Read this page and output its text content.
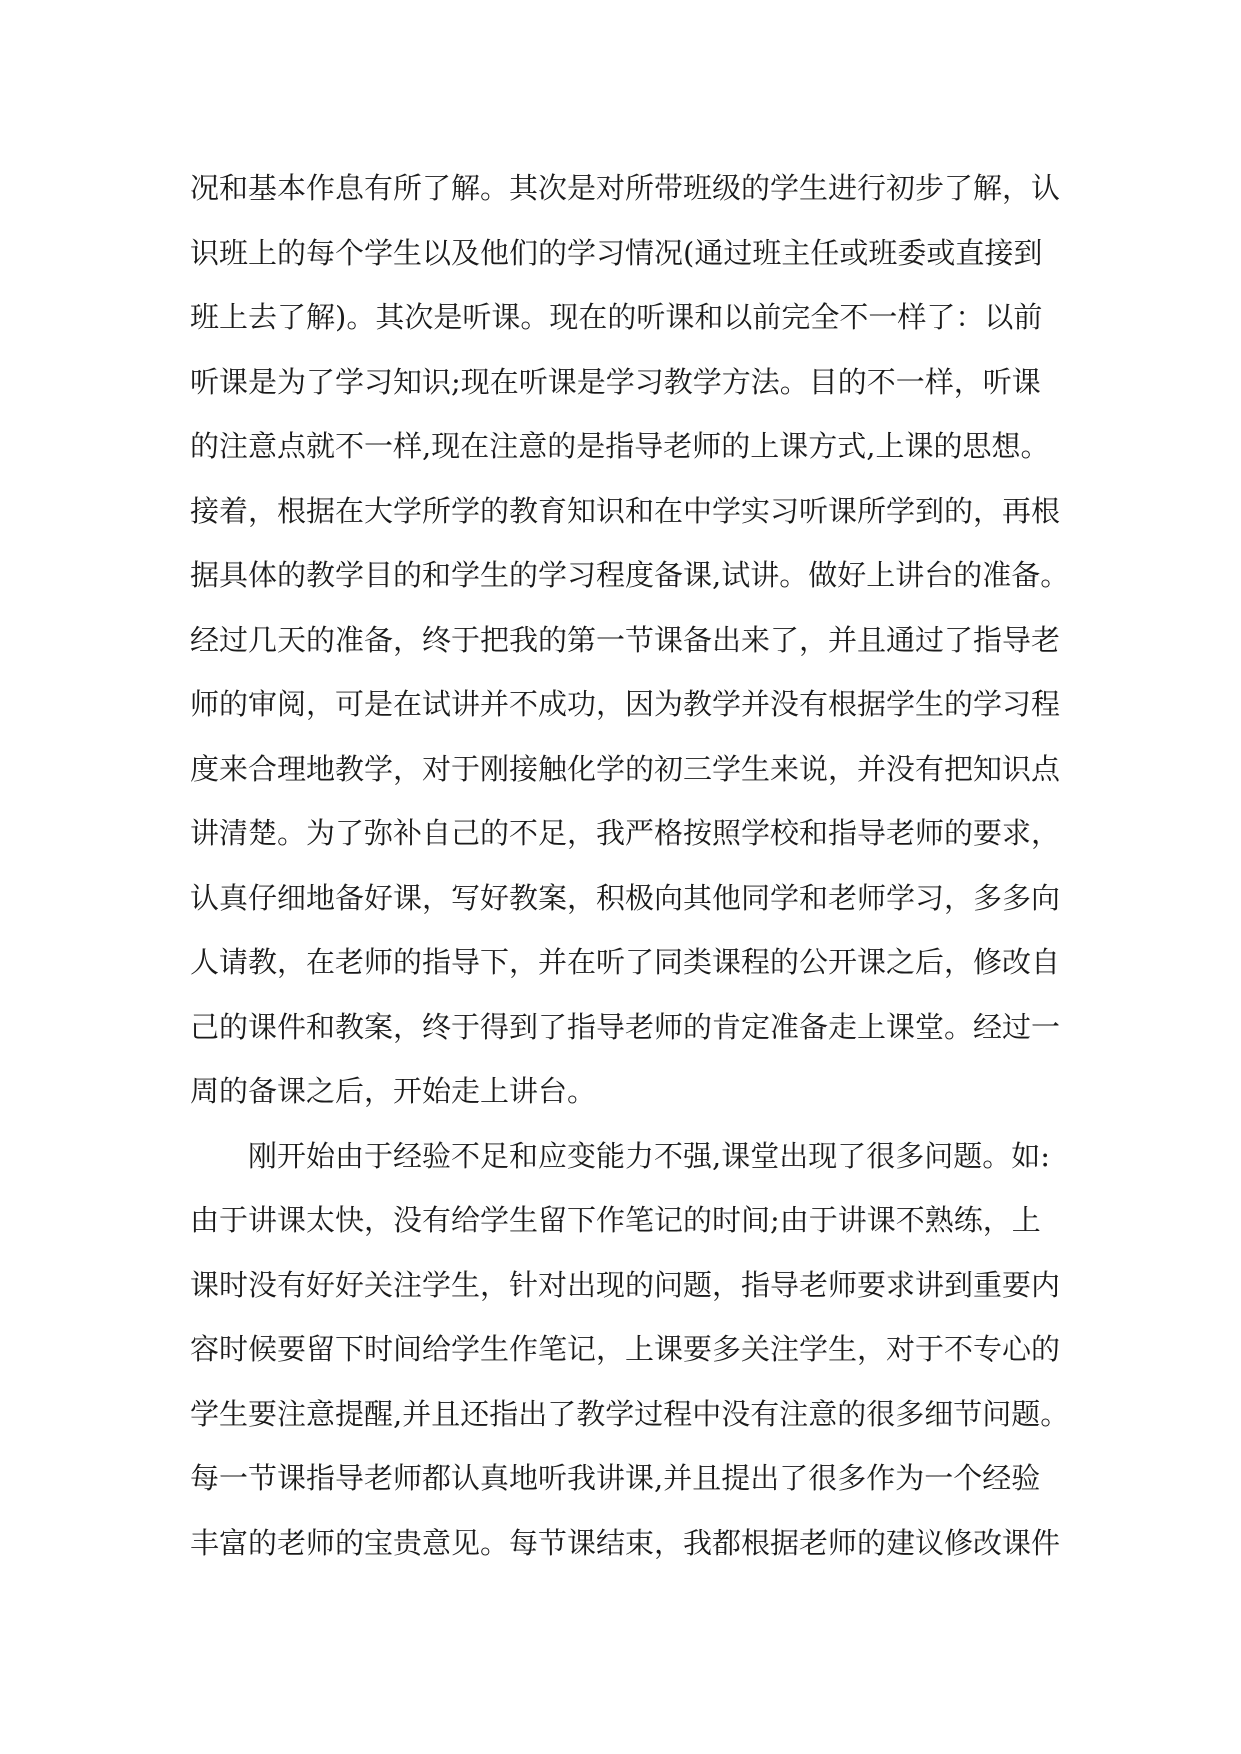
况和基本作息有所了解。其次是对所带班级的学生进行初步了解，认
识班上的每个学生以及他们的学习情况(通过班主任或班委或直接到
班上去了解)。其次是听课。现在的听课和以前完全不一样了：以前
听课是为了学习知识;现在听课是学习教学方法。目的不一样，听课
的注意点就不一样,现在注意的是指导老师的上课方式,上课的思想。
接着，根据在大学所学的教育知识和在中学实习听课所学到的，再根
据具体的教学目的和学生的学习程度备课,试讲。做好上讲台的准备。
经过几天的准备，终于把我的第一节课备出来了，并且通过了指导老
师的审阅，可是在试讲并不成功，因为教学并没有根据学生的学习程
度来合理地教学，对于刚接触化学的初三学生来说，并没有把知识点
讲清楚。为了弥补自己的不足，我严格按照学校和指导老师的要求，
认真仔细地备好课，写好教案，积极向其他同学和老师学习，多多向
人请教，在老师的指导下，并在听了同类课程的公开课之后，修改自
己的课件和教案，终于得到了指导老师的肯定准备走上课堂。经过一
周的备课之后，开始走上讲台。
刚开始由于经验不足和应变能力不强,课堂出现了很多问题。如:
由于讲课太快，没有给学生留下作笔记的时间;由于讲课不熟练，上
课时没有好好关注学生，针对出现的问题，指导老师要求讲到重要内
容时候要留下时间给学生作笔记，上课要多关注学生，对于不专心的
学生要注意提醒,并且还指出了教学过程中没有注意的很多细节问题。
每一节课指导老师都认真地听我讲课,并且提出了很多作为一个经验
丰富的老师的宝贵意见。每节课结束，我都根据老师的建议修改课件
